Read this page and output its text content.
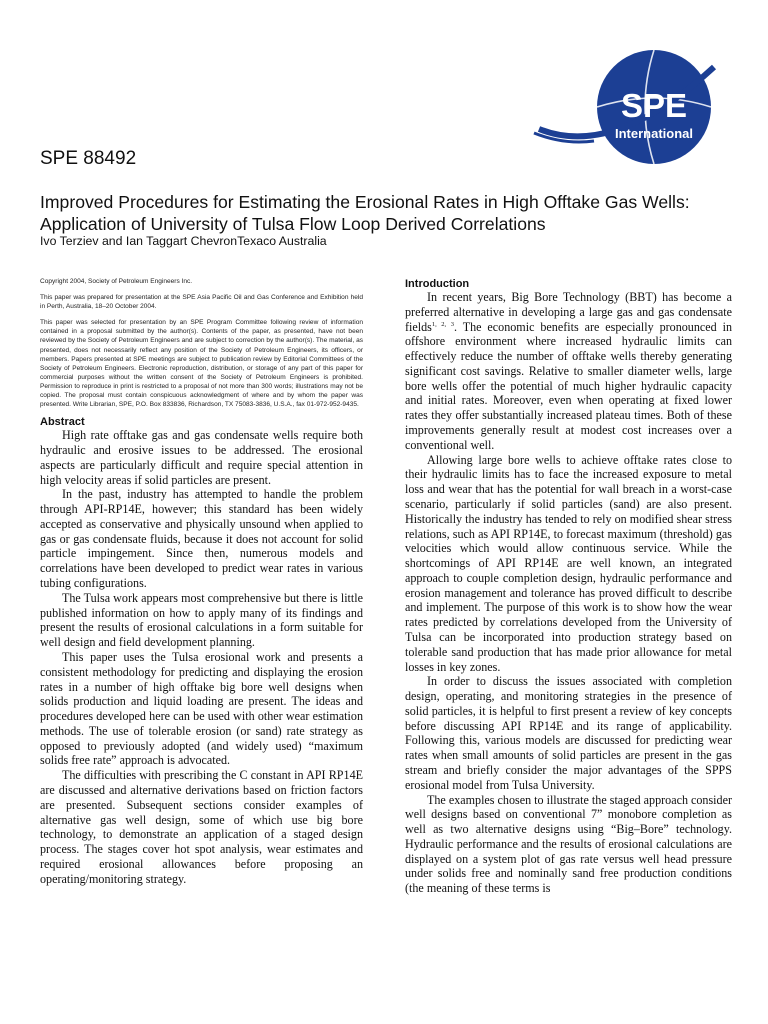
SPE
International
SPE 88492
Improved Procedures for Estimating the Erosional Rates in High Offtake Gas Wells: Application of University of Tulsa Flow Loop Derived Correlations
Ivo Terziev and Ian Taggart ChevronTexaco Australia

Copyright 2004, Society of Petroleum Engineers Inc.

This paper was prepared for presentation at the SPE Asia Pacific Oil and Gas Conference and Exhibition held in Perth, Australia, 18–20 October 2004.

This paper was selected for presentation by an SPE Program Committee following review of information contained in a proposal submitted by the author(s). Contents of the paper, as presented, have not been reviewed by the Society of Petroleum Engineers and are subject to correction by the author(s). The material, as presented, does not necessarily reflect any position of the Society of Petroleum Engineers, its officers, or members. Papers presented at SPE meetings are subject to publication review by Editorial Committees of the Society of Petroleum Engineers. Electronic reproduction, distribution, or storage of any part of this paper for commercial purposes without the written consent of the Society of Petroleum Engineers is prohibited. Permission to reproduce in print is restricted to a proposal of not more than 300 words; illustrations may not be copied. The proposal must contain conspicuous acknowledgment of where and by whom the paper was presented. Write Librarian, SPE, P.O. Box 833836, Richardson, TX 75083-3836, U.S.A., fax 01-972-952-9435.

Abstract

High rate offtake gas and gas condensate wells require both hydraulic and erosive issues to be addressed. The erosional aspects are particularly difficult and require special attention in high velocity areas if solid particles are present.

In the past, industry has attempted to handle the problem through API-RP14E, however; this standard has been widely accepted as conservative and physically unsound when applied to gas or gas condensate fluids, because it does not account for solid particle impingement. Since then, numerous models and correlations have been developed to predict wear rates in various tubing configurations.

The Tulsa work appears most comprehensive but there is little published information on how to apply many of its findings and present the results of erosional calculations in a form suitable for well design and field development planning.

This paper uses the Tulsa erosional work and presents a consistent methodology for predicting and displaying the erosion rates in a number of high offtake big bore well designs when solids production and liquid loading are present. The ideas and procedures developed here can be used with other wear estimation methods. The use of tolerable erosion (or sand) rate strategy as opposed to previously adopted (and widely used) “maximum solids free rate” approach is advocated.

The difficulties with prescribing the C constant in API RP14E are discussed and alternative derivations based on friction factors are presented. Subsequent sections consider examples of alternative gas well design, some of which use big bore technology, to demonstrate an application of a staged design process. The stages cover hot spot analysis, wear estimates and required erosional allowances before proposing an operating/monitoring strategy.

Introduction

In recent years, Big Bore Technology (BBT) has become a preferred alternative in developing a large gas and gas condensate fields$^{1, 2, 3}$. The economic benefits are especially pronounced in offshore environment where increased hydraulic limits can effectively reduce the number of offtake wells thereby generating significant cost savings. Relative to smaller diameter wells, large bore wells offer the potential of much higher hydraulic capacity and initial rates. Moreover, even when operating at fixed lower rates they offer substantially increased plateau times. Both of these improvements generally result at modest cost increases over a conventional well.

Allowing large bore wells to achieve offtake rates close to their hydraulic limits has to face the increased exposure to metal loss and wear that has the potential for wall breach in a worst-case scenario, particularly if solid particles (sand) are also present. Historically the industry has tended to rely on modified shear stress relations, such as API RP14E, to forecast maximum (threshold) gas velocities which would allow continuous service. While the shortcomings of API RP14E are well known, an integrated approach to couple completion design, hydraulic performance and erosion management and tolerance has proved difficult to describe and implement. The purpose of this work is to show how the wear rates predicted by correlations developed from the University of Tulsa can be incorporated into production strategy based on tolerable sand production that has made prior allowance for metal losses in key zones.

In order to discuss the issues associated with completion design, operating, and monitoring strategies in the presence of solid particles, it is helpful to first present a review of key concepts before discussing API RP14E and its range of applicability. Following this, various models are discussed for predicting wear rates when small amounts of solid particles are present in the gas stream and briefly consider the major advantages of the SPPS erosional model from Tulsa University.

The examples chosen to illustrate the staged approach consider well designs based on conventional 7” monobore completion as well as two alternative designs using “Big–Bore” technology. Hydraulic performance and the results of erosional calculations are displayed on a system plot of gas rate versus well head pressure under solids free and nominally sand free production conditions (the meaning of these terms is
